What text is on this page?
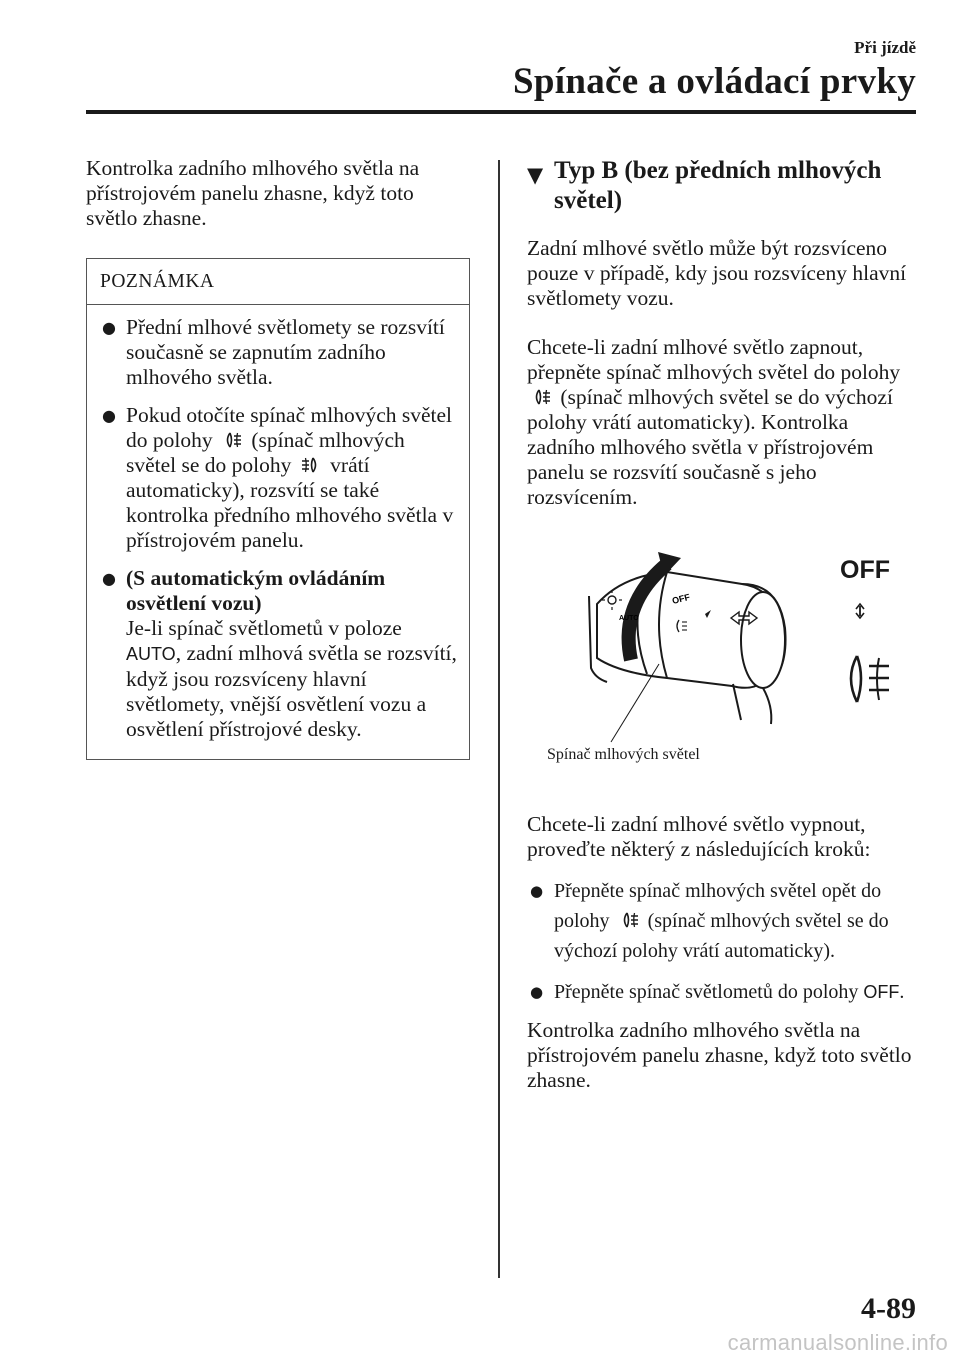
Při jízdě
Spínače a ovládací prvky

Kontrolka zadního mlhového světla na přístrojovém panelu zhasne, když toto světlo zhasne.

POZNÁMKA
● Přední mlhové světlomety se rozsvítí současně se zapnutím zadního mlhového světla.
● Pokud otočíte spínač mlhových světel do polohy (spínač mlhových světel se do polohy vrátí automaticky), rozsvítí se také kontrolka předního mlhového světla v přístrojovém panelu.
● (S automatickým ovládáním osvětlení vozu)
Je-li spínač světlometů v poloze
AUTO, zadní mlhová světla se rozsvítí, když jsou rozsvíceny hlavní světlomety, vnější osvětlení vozu a osvětlení přístrojové desky.
▼ Typ B (bez předních mlhových světel)

Zadní mlhové světlo může být rozsvíceno pouze v případě, kdy jsou rozsvíceny hlavní světlomety vozu.

Chcete-li zadní mlhové světlo zapnout, přepněte spínač mlhových světel do polohy  (spínač mlhových světel se do výchozí polohy vrátí automaticky). Kontrolka zadního mlhového světla v přístrojovém panelu se rozsvítí současně s jeho rozsvícením.

OFF
AUTO
Spínač mlhových světel
OFF

Chcete-li zadní mlhové světlo vypnout, proveďte některý z následujících kroků:

● Přepněte spínač mlhových světel opět do polohy (spínač mlhových světel se do výchozí polohy vrátí automaticky).
● Přepněte spínač světlometů do polohy OFF.

Kontrolka zadního mlhového světla na přístrojovém panelu zhasne, když toto světlo zhasne.

4-89
carmanualsonline.info
